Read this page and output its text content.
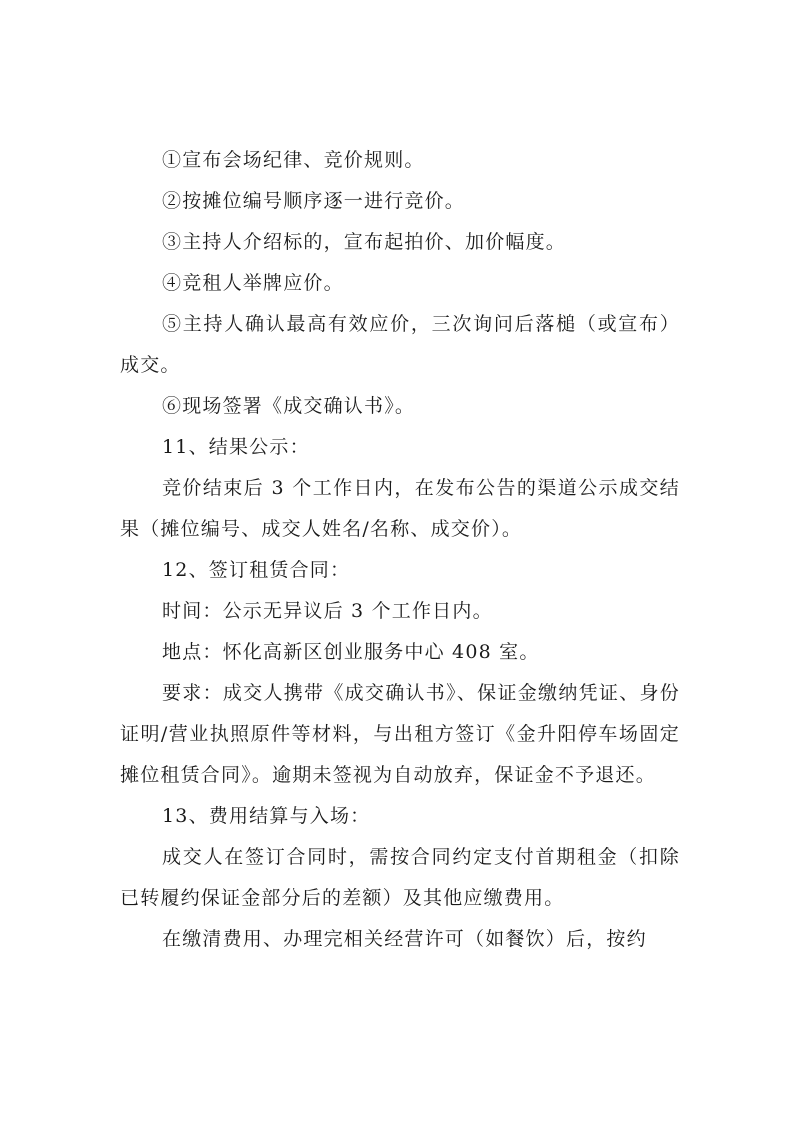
①宣布会场纪律、竞价规则。

②按摊位编号顺序逐一进行竞价。

③主持人介绍标的，宣布起拍价、加价幅度。

④竞租人举牌应价。

⑤主持人确认最高有效应价，三次询问后落槌（或宣布）成交。

⑥现场签署《成交确认书》。

11、结果公示：

竞价结束后 3 个工作日内，在发布公告的渠道公示成交结果（摊位编号、成交人姓名/名称、成交价）。

12、签订租赁合同：

时间：公示无异议后 3 个工作日内。

地点：怀化高新区创业服务中心 408 室。

要求：成交人携带《成交确认书》、保证金缴纳凭证、身份证明/营业执照原件等材料，与出租方签订《金升阳停车场固定摊位租赁合同》。逾期未签视为自动放弃，保证金不予退还。

13、费用结算与入场：

成交人在签订合同时，需按合同约定支付首期租金（扣除已转履约保证金部分后的差额）及其他应缴费用。

在缴清费用、办理完相关经营许可（如餐饮）后，按约
